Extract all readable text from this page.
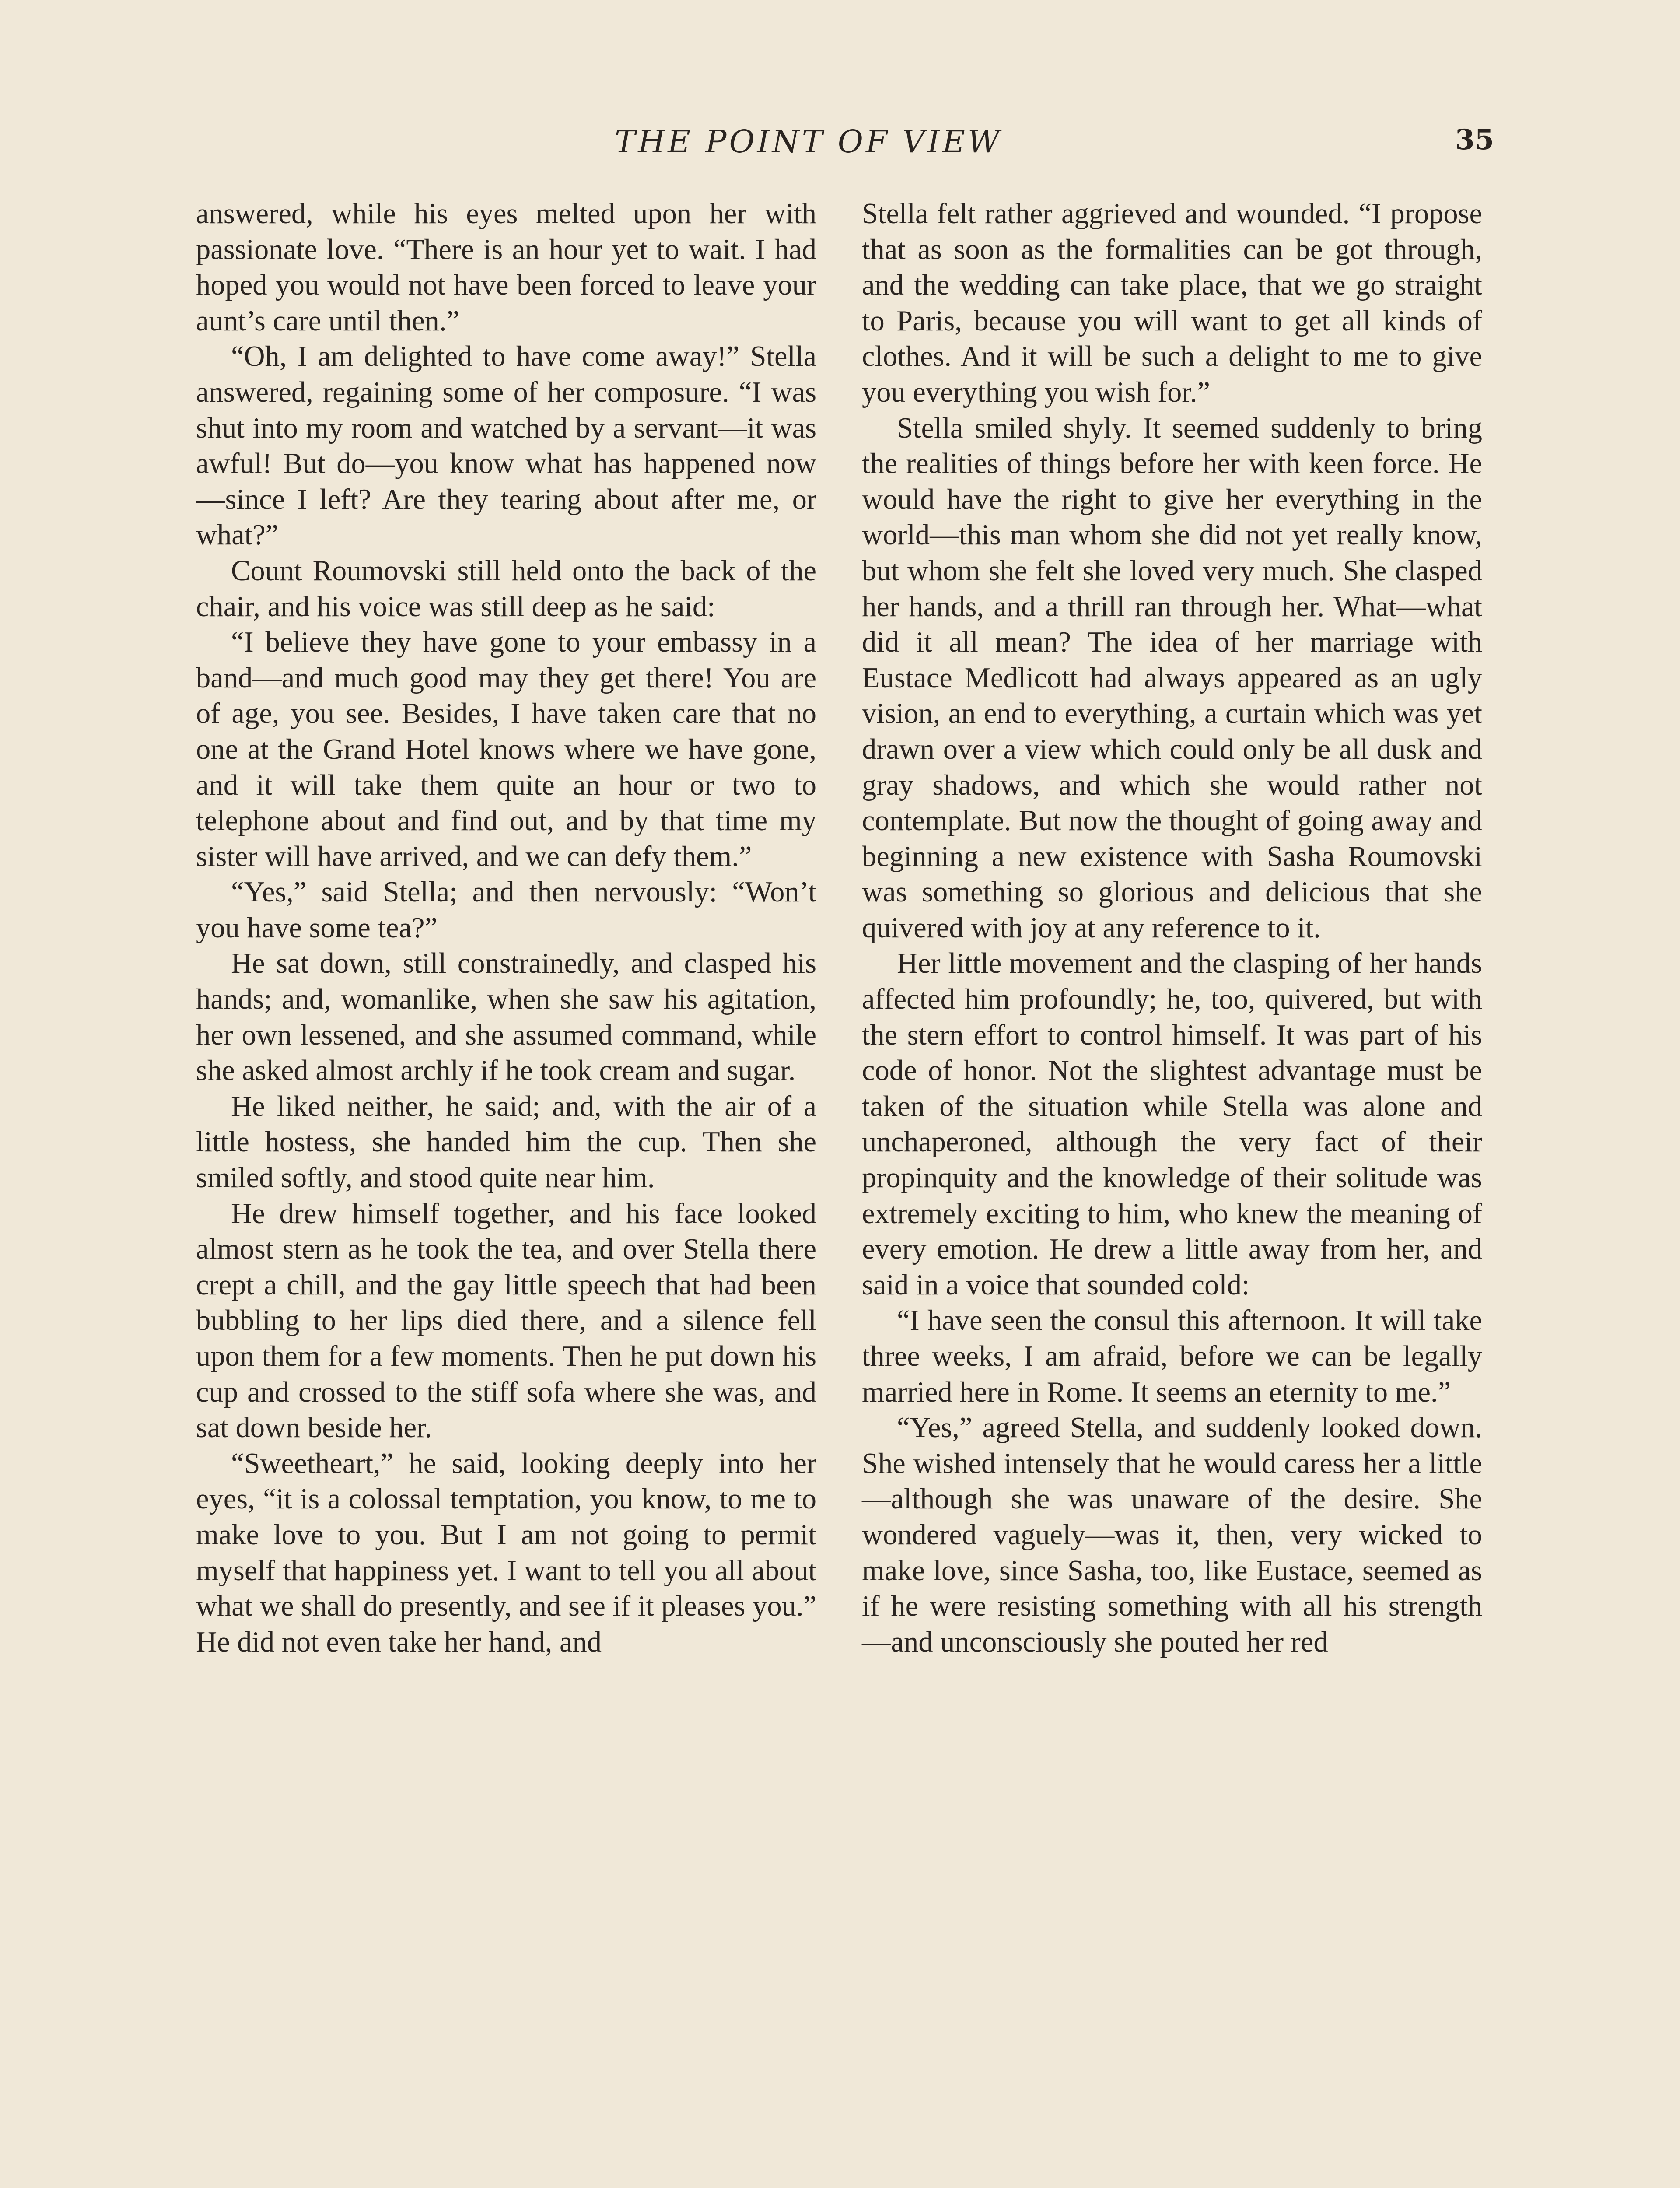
THE POINT OF VIEW	35

answered, while his eyes melted upon her with passionate love. “There is an hour yet to wait. I had hoped you would not have been forced to leave your aunt’s care until then.”

“Oh, I am delighted to have come away!” Stella answered, regaining some of her composure. “I was shut into my room and watched by a servant—it was awful! But do—you know what has happened now—since I left? Are they tearing about after me, or what?”

Count Roumovski still held onto the back of the chair, and his voice was still deep as he said:

“I believe they have gone to your embassy in a band—and much good may they get there! You are of age, you see. Besides, I have taken care that no one at the Grand Hotel knows where we have gone, and it will take them quite an hour or two to telephone about and find out, and by that time my sister will have arrived, and we can defy them.”

“Yes,” said Stella; and then nervously: “Won’t you have some tea?”

He sat down, still constrainedly, and clasped his hands; and, womanlike, when she saw his agitation, her own lessened, and she assumed command, while she asked almost archly if he took cream and sugar.

He liked neither, he said; and, with the air of a little hostess, she handed him the cup. Then she smiled softly, and stood quite near him.

He drew himself together, and his face looked almost stern as he took the tea, and over Stella there crept a chill, and the gay little speech that had been bubbling to her lips died there, and a silence fell upon them for a few moments. Then he put down his cup and crossed to the stiff sofa where she was, and sat down beside her.

“Sweetheart,” he said, looking deeply into her eyes, “it is a colossal temptation, you know, to me to make love to you. But I am not going to permit myself that happiness yet. I want to tell you all about what we shall do presently, and see if it pleases you.” He did not even take her hand, and

Stella felt rather aggrieved and wounded. “I propose that as soon as the formalities can be got through, and the wedding can take place, that we go straight to Paris, because you will want to get all kinds of clothes. And it will be such a delight to me to give you everything you wish for.”

Stella smiled shyly. It seemed suddenly to bring the realities of things before her with keen force. He would have the right to give her everything in the world—this man whom she did not yet really know, but whom she felt she loved very much. She clasped her hands, and a thrill ran through her. What—what did it all mean? The idea of her marriage with Eustace Medlicott had always appeared as an ugly vision, an end to everything, a curtain which was yet drawn over a view which could only be all dusk and gray shadows, and which she would rather not contemplate. But now the thought of going away and beginning a new existence with Sasha Roumovski was something so glorious and delicious that she quivered with joy at any reference to it.

Her little movement and the clasping of her hands affected him profoundly; he, too, quivered, but with the stern effort to control himself. It was part of his code of honor. Not the slightest advantage must be taken of the situation while Stella was alone and unchaperoned, although the very fact of their propinquity and the knowledge of their solitude was extremely exciting to him, who knew the meaning of every emotion. He drew a little away from her, and said in a voice that sounded cold:

“I have seen the consul this afternoon. It will take three weeks, I am afraid, before we can be legally married here in Rome. It seems an eternity to me.”

“Yes,” agreed Stella, and suddenly looked down. She wished intensely that he would caress her a little—although she was unaware of the desire. She wondered vaguely—was it, then, very wicked to make love, since Sasha, too, like Eustace, seemed as if he were resisting something with all his strength —and unconsciously she pouted her red
